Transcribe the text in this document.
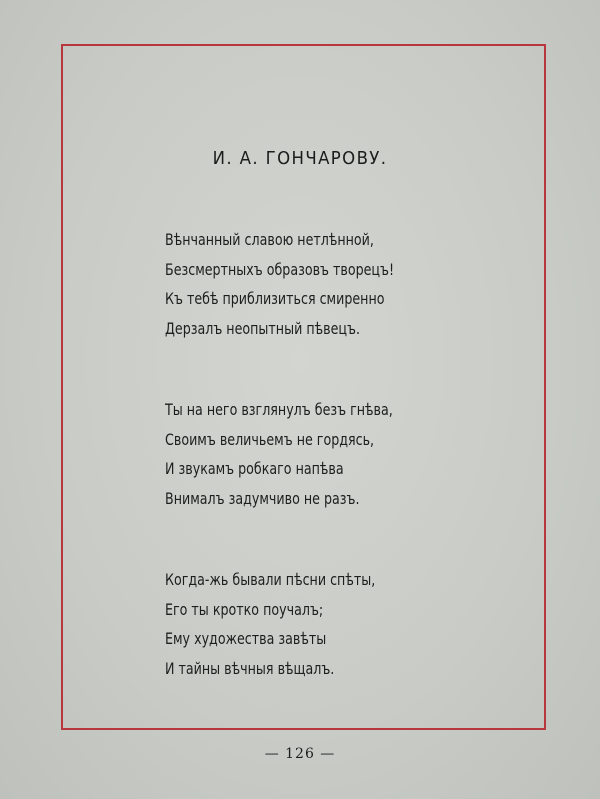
И. А. ГОНЧАРОВУ.
Вѣнчанный славою нетлѣнной,
Безсмертныхъ образовъ творецъ!
Къ тебѣ приблизиться смиренно
Дерзалъ неопытный пѣвецъ.
Ты на него взглянулъ безъ гнѣва,
Своимъ величьемъ не гордясь,
И звукамъ робкаго напѣва
Внималъ задумчиво не разъ.
Когда-жь бывали пѣсни спѣты,
Его ты кротко поучалъ;
Ему художества завѣты
И тайны вѣчныя вѣщалъ.
— 126 —
